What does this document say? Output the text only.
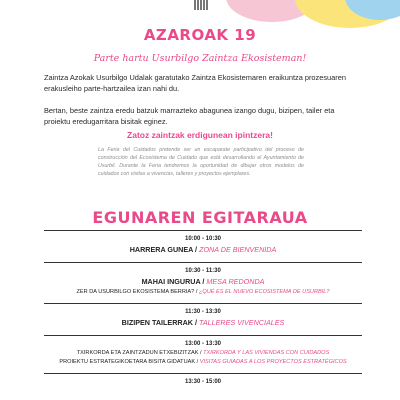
AZAROAK 19
Parte hartu Usurbilgo Zaintza Ekosisteman!

Zaintza Azokak Usurbilgo Udalak garatutako Zaintza Ekosistemaren eraikuntza prozesuaren erakusleiho parte-hartzailea izan nahi du.

Bertan, beste zaintza eredu batzuk marrazteko abagunea izango dugu, bizipen, tailer eta proiektu eredugarritara bisitak eginez.

Zatoz zaintzak erdigunean ipintzera!

La Feria del Cuidados pretende ser un escaparate participativo del proceso de construcción del Ecosistema de Cuidado que está desarrollando el Ayuntamiento de Usurbil. Durante la Feria tendremos la oportunidad de dibujar otros modelos de cuidados con visitas a vivencias, talleres y proyectos ejemplares.

EGUNAREN EGITARAUA
10:00 - 10:30
HARRERA GUNEA / ZONA DE BIENVENIDA
10:30 - 11:30
MAHAI INGURUA / MESA REDONDA
ZER DA USURBILGO EKOSISTEMA BERRIA? / ¿QUÉ ES EL NUEVO ECOSISTEMA DE USURBIL?
11:30 - 13:30
BIZIPEN TAILERRAK / TALLERES VIVENCIALES
13:00 - 13:30
TXIRKORDA ETA ZAINTZADUN ETXEBIZITZAK / TXIRKORDA Y LAS VIVIENDAS CON CUIDADOS
PROIEKTU ESTRATEGIKOETARA BISITA GIDATUAK / VISITAS GUIADAS A LOS PROYECTOS ESTRATÉGICOS
13:30 - 15:00
